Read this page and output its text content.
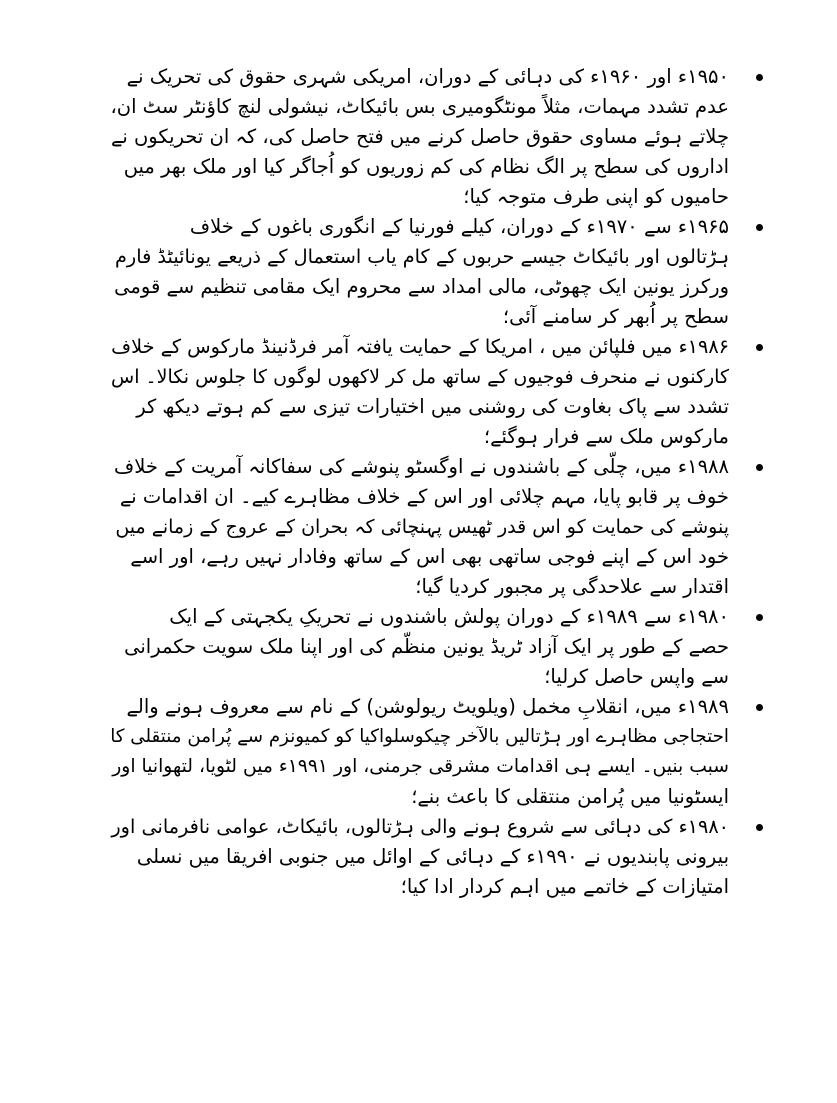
۱۹۵۰ء اور ۱۹۶۰ء کی دہائی کے دوران، امریکی شہری حقوق کی تحریک نے
عدم تشدد مہمات، مثلاً مونٹگومیری بس بائیکاٹ، نیشولی لنچ کاؤنٹر سٹ ان،
چلاتے ہوئے مساوی حقوق حاصل کرنے میں فتح حاصل کی، کہ ان تحریکوں نے
اداروں کی سطح پر الگ نظام کی کم زوریوں کو اُجاگر کیا اور ملک بھر میں
حامیوں کو اپنی طرف متوجہ کیا؛
۱۹۶۵ء سے ۱۹۷۰ء کے دوران، کیلے فورنیا کے انگوری باغوں کے خلاف
ہڑتالوں اور بائیکاٹ جیسے حربوں کے کام یاب استعمال کے ذریعے یونائیٹڈ فارم
ورکرز یونین ایک چھوٹی، مالی امداد سے محروم ایک مقامی تنظیم سے قومی
سطح پر اُبھر کر سامنے آئی؛
۱۹۸۶ء میں فلپائن میں ، امریکا کے حمایت یافتہ آمر فرڈنینڈ مارکوس کے خلاف
کارکنوں نے منحرف فوجیوں کے ساتھ مل کر لاکھوں لوگوں کا جلوس نکالا۔ اس
تشدد سے پاک بغاوت کی روشنی میں اختیارات تیزی سے کم ہوتے دیکھ کر
مارکوس ملک سے فرار ہوگئے؛
۱۹۸۸ء میں، چلّی کے باشندوں نے اوگسٹو پنوشے کی سفاکانہ آمریت کے خلاف
خوف پر قابو پایا، مہم چلائی اور اس کے خلاف مظاہرے کیے۔ ان اقدامات نے
پنوشے کی حمایت کو اس قدر ٹھیس پہنچائی کہ بحران کے عروج کے زمانے میں
خود اس کے اپنے فوجی ساتھی بھی اس کے ساتھ وفادار نہیں رہے، اور اسے
اقتدار سے علاحدگی پر مجبور کردیا گیا؛
۱۹۸۰ء سے ۱۹۸۹ء کے دوران پولش باشندوں نے تحریکِ یکجہتی کے ایک
حصے کے طور پر ایک آزاد ٹریڈ یونین منظّم کی اور اپنا ملک سویت حکمرانی
سے واپس حاصل کرلیا؛
۱۹۸۹ء میں، انقلابِ مخمل (ویلویٹ ریولوشن) کے نام سے معروف ہونے والے
احتجاجی مظاہرے اور ہڑتالیں بالآخر چیکوسلواکیا کو کمیونزم سے پُرامن منتقلی کا
سبب بنیں۔ ایسے ہی اقدامات مشرقی جرمنی، اور ۱۹۹۱ء میں لٹویا، لتھوانیا اور
ایسٹونیا میں پُرامن منتقلی کا باعث بنے؛
۱۹۸۰ء کی دہائی سے شروع ہونے والی ہڑتالوں، بائیکاٹ، عوامی نافرمانی اور
بیرونی پابندیوں نے ۱۹۹۰ء کے دہائی کے اوائل میں جنوبی افریقا میں نسلی
امتیازات کے خاتمے میں اہم کردار ادا کیا؛
